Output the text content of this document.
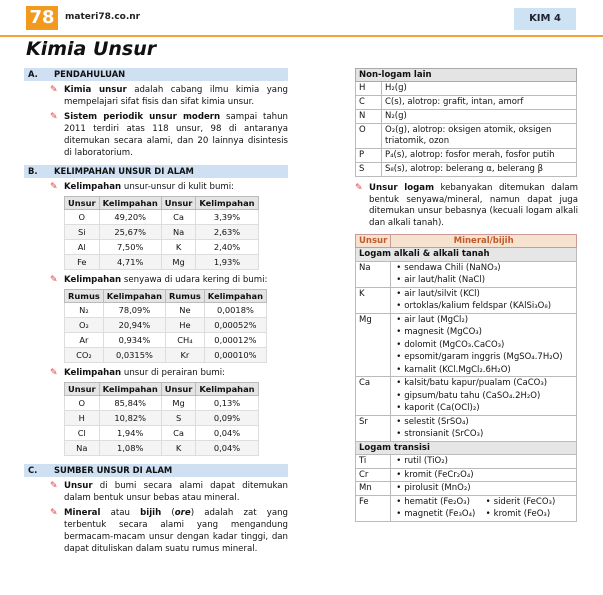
78	materi78.co.nr	KIM 4
Kimia Unsur
A. PENDAHULUAN
✎ Kimia unsur adalah cabang ilmu kimia yang mempelajari sifat fisis dan sifat kimia unsur.
✎ Sistem periodik unsur modern sampai tahun 2011 terdiri atas 118 unsur, 98 di antaranya ditemukan secara alami, dan 20 lainnya disintesis di laboratorium.
B. KELIMPAHAN UNSUR DI ALAM
✎ Kelimpahan unsur-unsur di kulit bumi:
Unsur	Kelimpahan	Unsur	Kelimpahan
O	49,20%	Ca	3,39%
Si	25,67%	Na	2,63%
Al	7,50%	K	2,40%
Fe	4,71%	Mg	1,93%
✎ Kelimpahan senyawa di udara kering di bumi:
Rumus	Kelimpahan	Rumus	Kelimpahan
N₂	78,09%	Ne	0,0018%
O₂	20,94%	He	0,00052%
Ar	0,934%	CH₄	0,00012%
CO₂	0,0315%	Kr	0,00010%
✎ Kelimpahan unsur di perairan bumi:
Unsur	Kelimpahan	Unsur	Kelimpahan
O	85,84%	Mg	0,13%
H	10,82%	S	0,09%
Cl	1,94%	Ca	0,04%
Na	1,08%	K	0,04%
C. SUMBER UNSUR DI ALAM
✎ Unsur di bumi secara alami dapat ditemukan dalam bentuk unsur bebas atau mineral.
✎ Mineral atau bijih (ore) adalah zat yang terbentuk secara alami yang mengandung bermacam-macam unsur dengan kadar tinggi, dan dapat dituliskan dalam suatu rumus mineral.
Non-logam lain	
H	H₂(g)
C	C(s), alotrop: grafit, intan, amorf
N	N₂(g)
O	O₂(g), alotrop: oksigen atomik, oksigen triatomik, ozon
P	P₄(s), alotrop: fosfor merah, fosfor putih
S	S₈(s), alotrop: belerang α, belerang β
✎ Unsur logam kebanyakan ditemukan dalam bentuk senyawa/mineral, namun dapat juga ditemukan unsur bebasnya (kecuali logam alkali dan alkali tanah).
Unsur	Mineral/bijih
Logam alkali & alkali tanah	
Na	• sendawa Chili (NaNO₃)
• air laut/halit (NaCl)

K	• air laut/silvit (KCl)
• ortoklas/kalium feldspar (KAlSi₃O₈)

Mg	• air laut (MgCl₂)
• magnesit (MgCO₃)
• dolomit (MgCO₃.CaCO₃)
• epsomit/garam inggris (MgSO₄.7H₂O)
• karnalit (KCl.MgCl₂.6H₂O)

Ca	• kalsit/batu kapur/pualam (CaCO₃)
• gipsum/batu tahu (CaSO₄.2H₂O)
• kaporit (Ca(OCl)₂)

Sr	• selestit (SrSO₄)
• stronsianit (SrCO₃)

Logam transisi	
Ti	• rutil (TiO₂)

Cr	• kromit (FeCr₂O₄)

Mn	• pirolusit (MnO₂)

Fe	• hematit (Fe₂O₃) • siderit (FeCO₃)
• magnetit (Fe₃O₄) • kromit (FeO₃)
